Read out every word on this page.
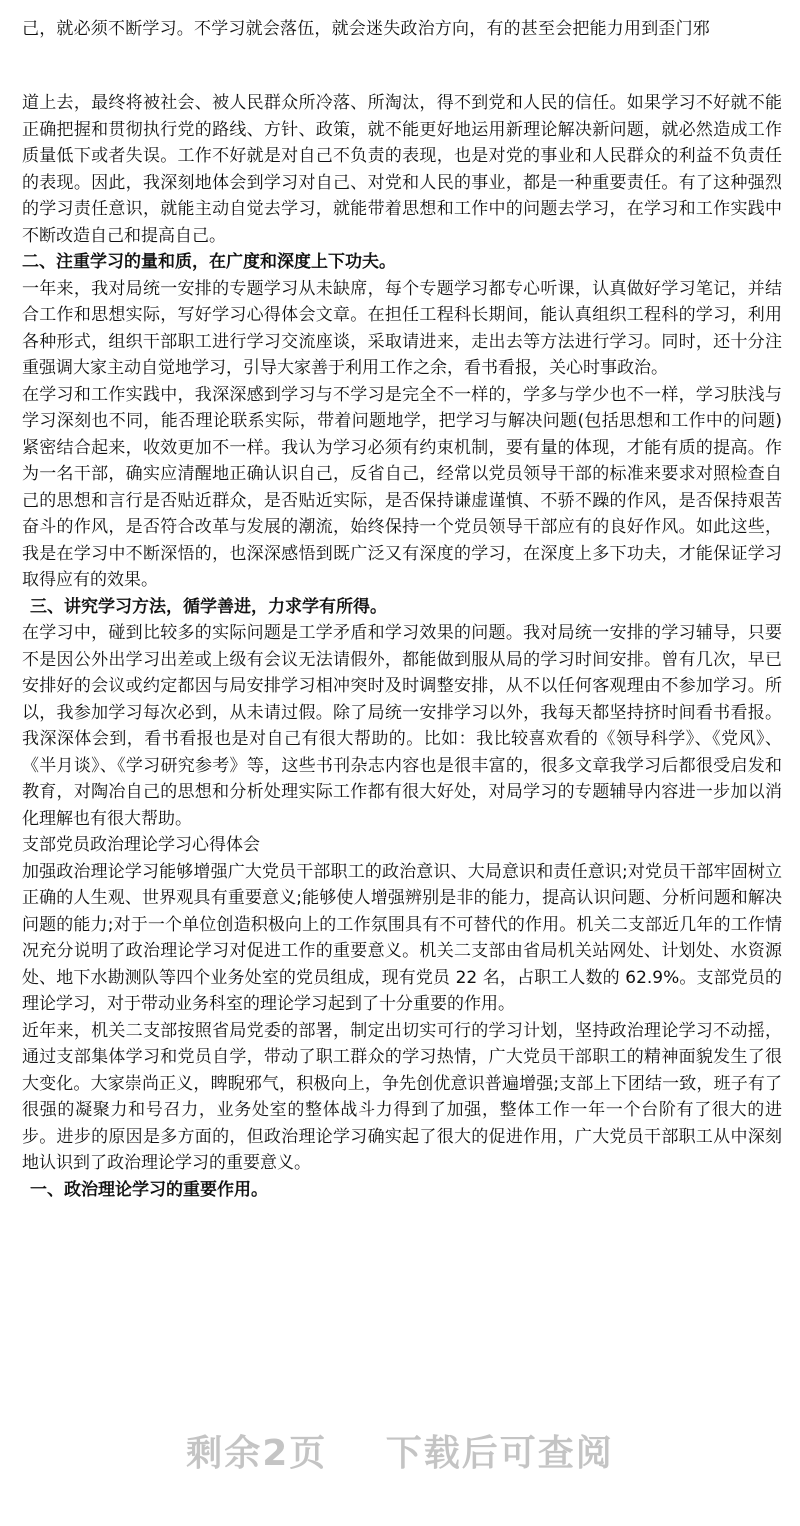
己，就必须不断学习。不学习就会落伍，就会迷失政治方向，有的甚至会把能力用到歪门邪

道上去，最终将被社会、被人民群众所冷落、所淘汰，得不到党和人民的信任。如果学习不好就不能正确把握和贯彻执行党的路线、方针、政策，就不能更好地运用新理论解决新问题，就必然造成工作质量低下或者失误。工作不好就是对自己不负责的表现，也是对党的事业和人民群众的利益不负责任的表现。因此，我深刻地体会到学习对自己、对党和人民的事业，都是一种重要责任。有了这种强烈的学习责任意识，就能主动自觉去学习，就能带着思想和工作中的问题去学习，在学习和工作实践中不断改造自己和提高自己。

二、注重学习的量和质，在广度和深度上下功夫。

一年来，我对局统一安排的专题学习从未缺席，每个专题学习都专心听课，认真做好学习笔记，并结合工作和思想实际，写好学习心得体会文章。在担任工程科长期间，能认真组织工程科的学习，利用各种形式，组织干部职工进行学习交流座谈，采取请进来，走出去等方法进行学习。同时，还十分注重强调大家主动自觉地学习，引导大家善于利用工作之余，看书看报，关心时事政治。

在学习和工作实践中，我深深感到学习与不学习是完全不一样的，学多与学少也不一样，学习肤浅与学习深刻也不同，能否理论联系实际，带着问题地学，把学习与解决问题(包括思想和工作中的问题)紧密结合起来，收效更加不一样。我认为学习必须有约束机制，要有量的体现，才能有质的提高。作为一名干部，确实应清醒地正确认识自己，反省自己，经常以党员领导干部的标准来要求对照检查自己的思想和言行是否贴近群众，是否贴近实际，是否保持谦虚谨慎、不骄不躁的作风，是否保持艰苦奋斗的作风，是否符合改革与发展的潮流，始终保持一个党员领导干部应有的良好作风。如此这些，我是在学习中不断深悟的，也深深感悟到既广泛又有深度的学习，在深度上多下功夫，才能保证学习取得应有的效果。

三、讲究学习方法，循学善进，力求学有所得。

在学习中，碰到比较多的实际问题是工学矛盾和学习效果的问题。我对局统一安排的学习辅导，只要不是因公外出学习出差或上级有会议无法请假外，都能做到服从局的学习时间安排。曾有几次，早已安排好的会议或约定都因与局安排学习相冲突时及时调整安排，从不以任何客观理由不参加学习。所以，我参加学习每次必到，从未请过假。除了局统一安排学习以外，我每天都坚持挤时间看书看报。我深深体会到，看书看报也是对自己有很大帮助的。比如：我比较喜欢看的《领导科学》、《党风》、《半月谈》、《学习研究参考》等，这些书刊杂志内容也是很丰富的，很多文章我学习后都很受启发和教育，对陶冶自己的思想和分析处理实际工作都有很大好处，对局学习的专题辅导内容进一步加以消化理解也有很大帮助。

支部党员政治理论学习心得体会

加强政治理论学习能够增强广大党员干部职工的政治意识、大局意识和责任意识;对党员干部牢固树立正确的人生观、世界观具有重要意义;能够使人增强辨别是非的能力，提高认识问题、分析问题和解决问题的能力;对于一个单位创造积极向上的工作氛围具有不可替代的作用。机关二支部近几年的工作情况充分说明了政治理论学习对促进工作的重要意义。机关二支部由省局机关站网处、计划处、水资源处、地下水勘测队等四个业务处室的党员组成，现有党员 22 名，占职工人数的 62.9%。支部党员的理论学习，对于带动业务科室的理论学习起到了十分重要的作用。

近年来，机关二支部按照省局党委的部署，制定出切实可行的学习计划，坚持政治理论学习不动摇，通过支部集体学习和党员自学，带动了职工群众的学习热情，广大党员干部职工的精神面貌发生了很大变化。大家崇尚正义，睥睨邪气，积极向上，争先创优意识普遍增强;支部上下团结一致，班子有了很强的凝聚力和号召力，业务处室的整体战斗力得到了加强，整体工作一年一个台阶有了很大的进步。进步的原因是多方面的，但政治理论学习确实起了很大的促进作用，广大党员干部职工从中深刻地认识到了政治理论学习的重要意义。

一、政治理论学习的重要作用。

剩余2页 下载后可查阅
